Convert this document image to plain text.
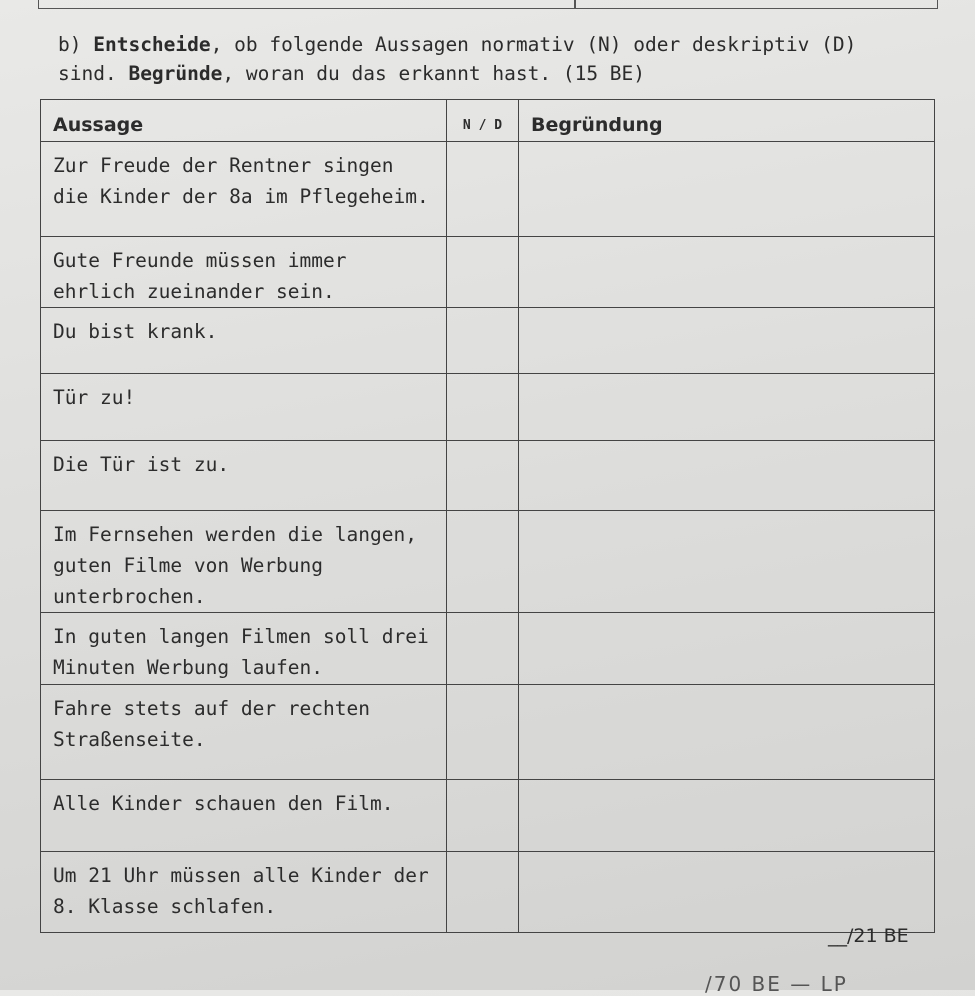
b) Entscheide, ob folgende Aussagen normativ (N) oder deskriptiv (D) sind. Begründe, woran du das erkannt hast. (15 BE)
Aussage	N / D	Begründung
Zur Freude der Rentner singen die Kinder der 8a im Pflegeheim.		
Gute Freunde müssen immer ehrlich zueinander sein.		
Du bist krank.		
Tür zu!		
Die Tür ist zu.		
Im Fernsehen werden die langen, guten Filme von Werbung unterbrochen.		
In guten langen Filmen soll drei Minuten Werbung laufen.		
Fahre stets auf der rechten Straßenseite.		
Alle Kinder schauen den Film.		
Um 21 Uhr müssen alle Kinder der 8. Klasse schlafen.		
__/21 BE
/70 BE — LP
